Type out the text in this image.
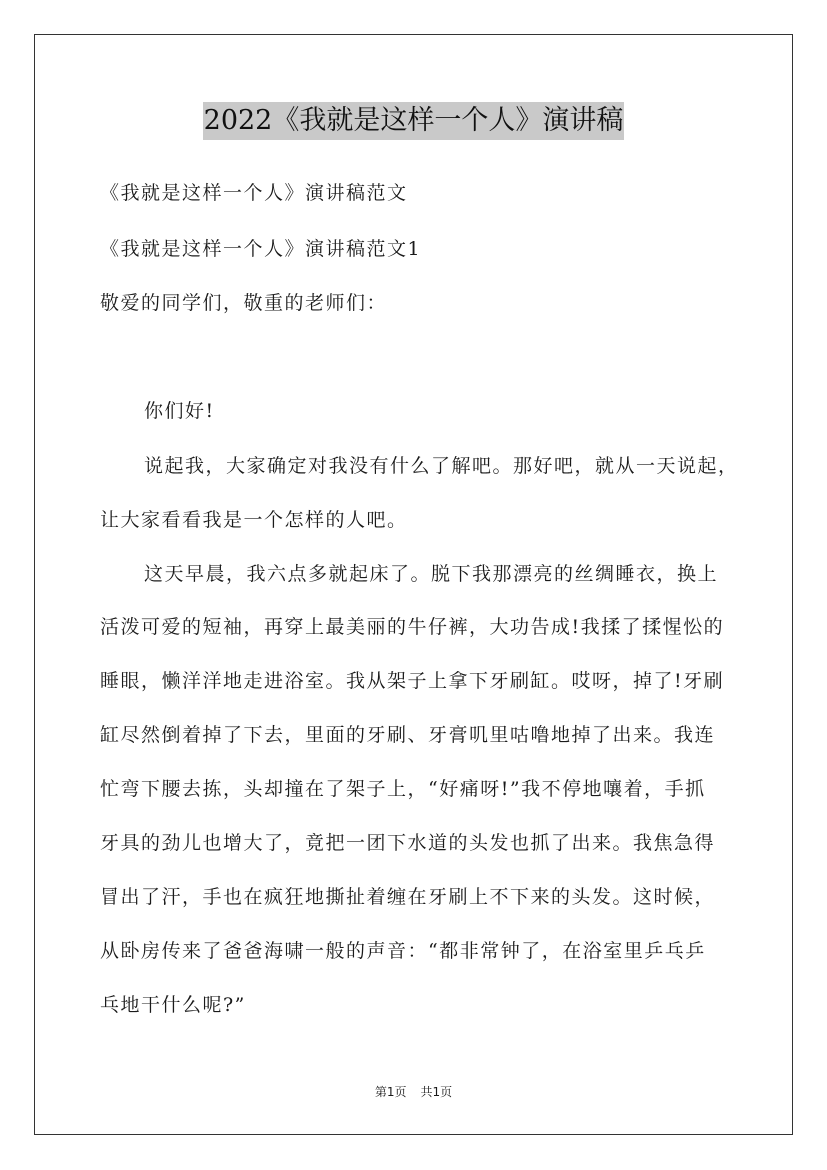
2022《我就是这样一个人》演讲稿
《我就是这样一个人》演讲稿范文
《我就是这样一个人》演讲稿范文1
敬爱的同学们，敬重的老师们：
你们好!
说起我，大家确定对我没有什么了解吧。那好吧，就从一天说起，
让大家看看我是一个怎样的人吧。
这天早晨，我六点多就起床了。脱下我那漂亮的丝绸睡衣，换上
活泼可爱的短袖，再穿上最美丽的牛仔裤，大功告成!我揉了揉惺忪的
睡眼，懒洋洋地走进浴室。我从架子上拿下牙刷缸。哎呀，掉了!牙刷
缸尽然倒着掉了下去，里面的牙刷、牙膏叽里咕噜地掉了出来。我连
忙弯下腰去拣，头却撞在了架子上，“好痛呀!”我不停地嚷着，手抓
牙具的劲儿也增大了，竟把一团下水道的头发也抓了出来。我焦急得
冒出了汗，手也在疯狂地撕扯着缠在牙刷上不下来的头发。这时候，
从卧房传来了爸爸海啸一般的声音：“都非常钟了，在浴室里乒乓乒
乓地干什么呢?”
第1页 共1页
